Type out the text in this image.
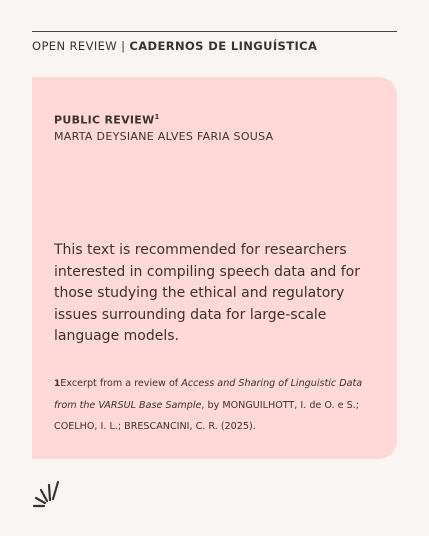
OPEN REVIEW | CADERNOS DE LINGUÍSTICA
PUBLIC REVIEW$^1$
MARTA DEYSIANE ALVES FARIA SOUSA
This text is recommended for researchers interested in compiling speech data and for those studying the ethical and regulatory issues surrounding data for large-scale language models.
1Excerpt from a review of Access and Sharing of Linguistic Data from the VARSUL Base Sample, by MONGUILHOTT, I. de O. e S.; COELHO, I. L.; BRESCANCINI, C. R. (2025).
